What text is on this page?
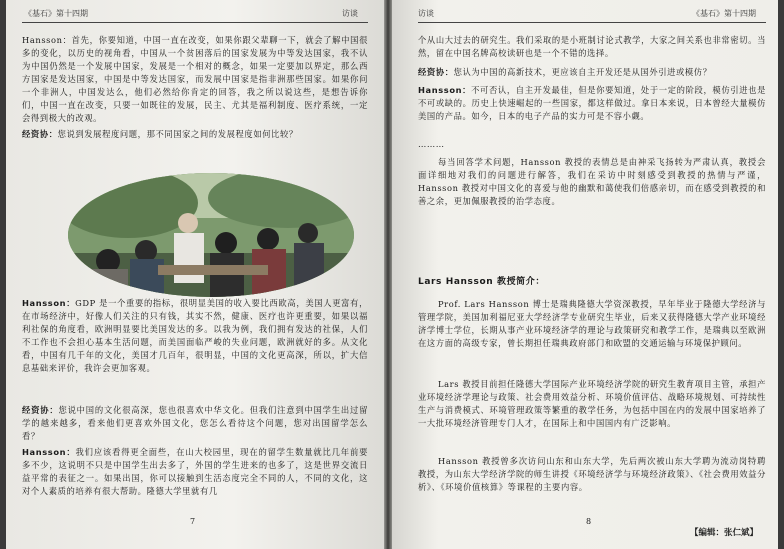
《基石》第十四期	访谈

Hansson：首先，你要知道，中国一直在改变，如果你跟父辈聊一下，就会了解中国很多的变化，以历史的视角看，中国从一个贫困落后的国家发展为中等发达国家，我不认为中国仍然是一个发展中国家，发展是一个相对的概念，如果一定要加以界定，那么西方国家是发达国家，中国是中等发达国家，而发展中国家是指非洲那些国家。如果你问一个非洲人，中国发达么，他们必然给你肯定的回答，我之所以说这些，是想告诉你们，中国一直在改变，只要一如既往的发展，民主、尤其是福利制度、医疗系统，一定会得到极大的改观。

经资协：您说到发展程度问题，那不同国家之间的发展程度如何比较？

Hansson：GDP 是一个重要的指标，很明显美国的收入要比西欧高，美国人更富有，在市场经济中，好像人们关注的只有钱，其实不然，健康、医疗也许更重要，如果以福利社保的角度看，欧洲明显要比美国发达的多。以我为例，我们拥有发达的社保，人们不工作也不会担心基本生活问题，而美国面临严峻的失业问题，欧洲就好的多。从文化看，中国有几千年的文化，美国才几百年，很明显，中国的文化更高深，所以，扩大信息基础来评价，我许会更加客观。

经资协：您说中国的文化很高深，您也很喜欢中华文化。但我们注意到中国学生出过留学的越来越多，看来他们更喜欢外国文化，您怎么看待这个问题，您对出国留学怎么看？

Hansson：我们应该看得更全面些，在山大校园里，现在的留学生数量就比几年前要多不少，这说明不只是中国学生出去多了，外国的学生进来的也多了，这是世界交流日益平常的表征之一。如果出国，你可以接触到生活态度完全不同的人，不同的文化，这对个人素质的培养有很大帮助。隆德大学里就有几

7
访谈	《基石》第十四期

个从山大过去的研究生。我们采取的是小班制讨论式教学，大家之间关系也非常密切。当然，留在中国名牌高校读研也是一个不错的选择。

经资协：您认为中国的高新技术，更应该自主开发还是从国外引进或模仿？

Hansson：不可否认，自主开发最佳，但是你要知道，处于一定的阶段，模仿引进也是不可或缺的。历史上快速崛起的一些国家，都这样做过。拿日本来说，日本曾经大量模仿美国的产品。如今，日本的电子产品的实力可是不容小觑。

………

每当回答学术问题，Hansson 教授的表情总是由神采飞扬转为严肃认真，教授会面详细地对我们的问题进行解答，我们在采访中时刻感受到教授的热情与严谨，Hansson 教授对中国文化的喜爱与他的幽默和蔼使我们倍感亲切，而在感受到教授的和善之余，更加佩服教授的治学态度。

Lars Hansson 教授简介：

Prof. Lars Hansson 博士是瑞典隆德大学资深教授，早年毕业于隆德大学经济与管理学院，美国加利福尼亚大学经济学专业研究生毕业，后来又获得隆德大学产业环境经济学博士学位，长期从事产业环境经济学的理论与政策研究和教学工作，是瑞典以至欧洲在这方面的高级专家，曾长期担任瑞典政府部门和欧盟的交通运输与环境保护顾问。

Lars 教授目前担任隆德大学国际产业环境经济学院的研究生教育项目主管，承担产业环境经济学理论与政策、社会费用效益分析、环境价值评估、战略环境规划、可持续性生产与消费模式、环境管理政策等繁重的教学任务，为包括中国在内的发展中国家培养了一大批环境经济管理专门人才，在国际上和中国国内有广泛影响。

Hansson 教授曾多次访问山东和山东大学，先后两次被山东大学聘为流动岗特聘教授，为山东大学经济学院的师生讲授《环境经济学与环境经济政策》、《社会费用效益分析》、《环境价值核算》等课程的主要内容。

8
【编辑：张仁斌】
